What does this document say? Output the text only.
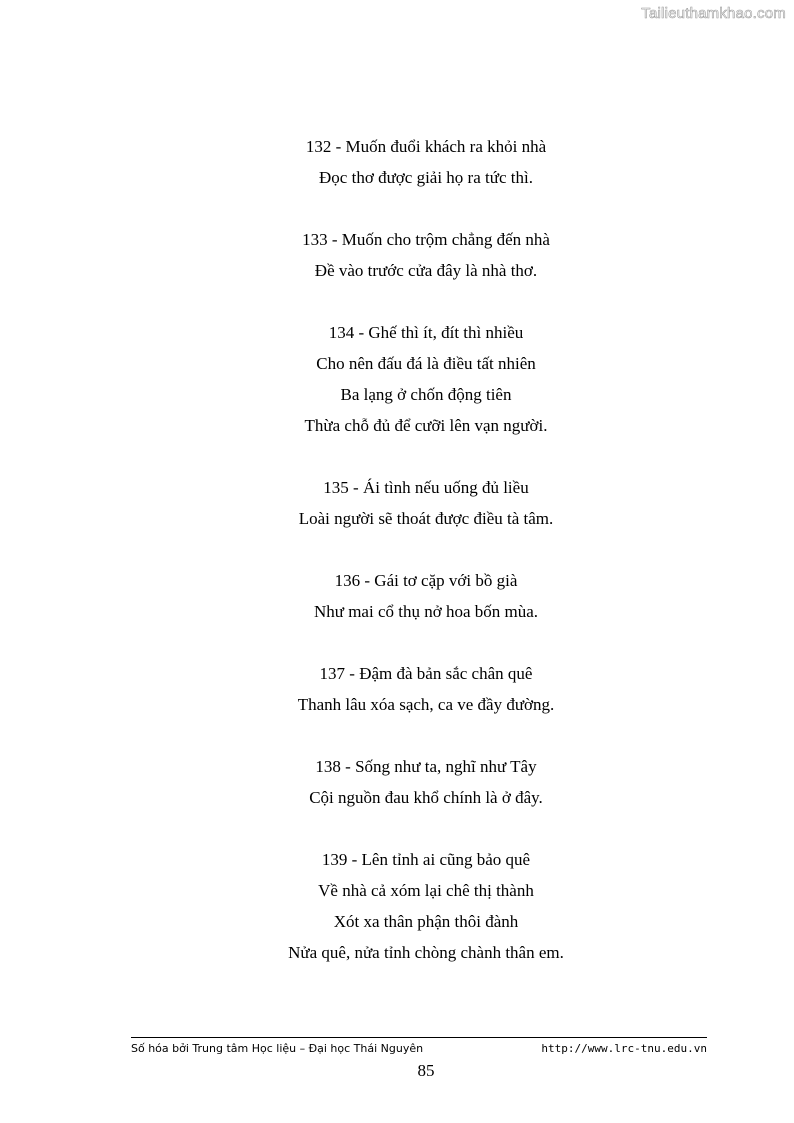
Tailieuthamkhao.com
132 - Muốn đuổi khách ra khỏi nhà
Đọc thơ được giải họ ra tức thì.
133 - Muốn cho trộm chẳng đến nhà
Đề vào trước cửa đây là nhà thơ.
134 - Ghế thì ít, đít thì nhiều
Cho nên đấu đá là điều tất nhiên
Ba lạng ở chốn động tiên
Thừa chỗ đủ để cưỡi lên vạn người.
135 - Ái tình nếu uống đủ liều
Loài người sẽ thoát được điều tà tâm.
136 - Gái tơ cặp với bồ già
Như mai cổ thụ nở hoa bốn mùa.
137 - Đậm đà bản sắc chân quê
Thanh lâu xóa sạch, ca ve đầy đường.
138 - Sống như ta, nghĩ như Tây
Cội nguồn đau khổ chính là ở đây.
139 - Lên tỉnh ai cũng bảo quê
Về nhà cả xóm lại chê thị thành
Xót xa thân phận thôi đành
Nửa quê, nửa tỉnh chòng chành thân em.
Số hóa bởi Trung tâm Học liệu – Đại học Thái Nguyên	http://www.lrc-tnu.edu.vn
85
